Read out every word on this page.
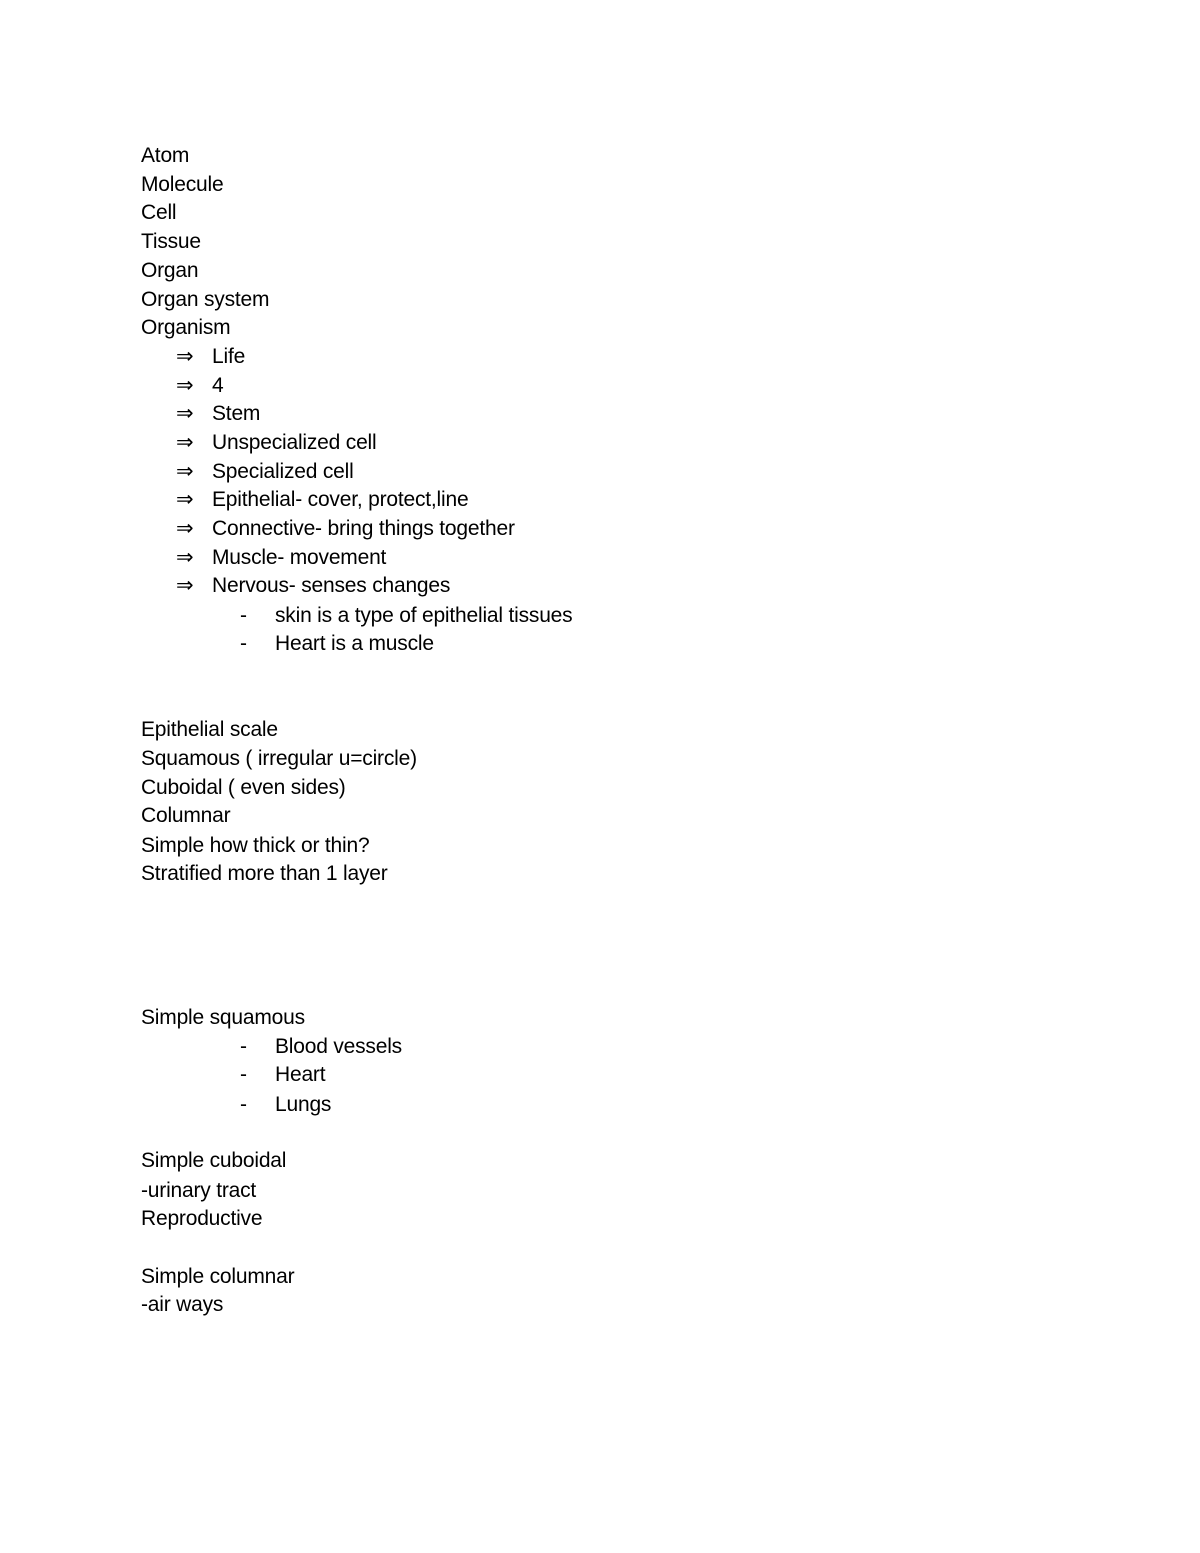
Atom
Molecule
Cell
Tissue
Organ
Organ system
Organism
⇒ Life
⇒ 4
⇒ Stem
⇒ Unspecialized cell
⇒ Specialized cell
⇒ Epithelial- cover, protect,line
⇒ Connective- bring things together
⇒ Muscle- movement
⇒ Nervous- senses changes
-	skin is a type of epithelial tissues
-	Heart is a muscle
Epithelial scale
Squamous ( irregular u=circle)
Cuboidal ( even sides)
Columnar
Simple how thick or thin?
Stratified more than 1 layer
Simple squamous
-	Blood vessels
-	Heart
-	Lungs
Simple cuboidal
-urinary tract
Reproductive
Simple columnar
-air ways
